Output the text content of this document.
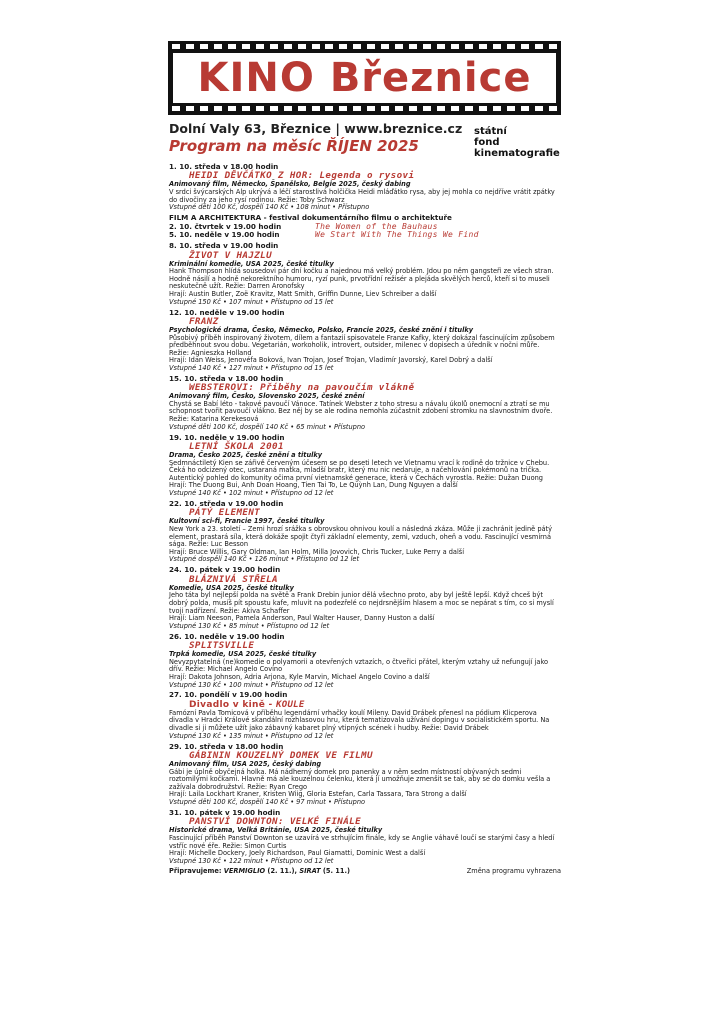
KINO Březnice
Dolní Valy 63, Březnice | www.breznice.cz
Program na měsíc ŘÍJEN 2025
státní
fond
kinematografie
1. 10. středa v 18.00 hodin
HEIDI DĚVČÁTKO Z HOR: Legenda o rysovi
Animovaný film, Německo, Španělsko, Belgie 2025, český dabing
V srdci švýcarských Alp ukrývá a léčí starostlivá holčička Heidi mláďátko rysa, aby jej mohla co nejdříve vrátit zpátky do divočiny za jeho rysí rodinou. Režie: Toby Schwarz
Vstupné děti 100 Kč, dospělí 140 Kč • 108 minut • Přístupno
FILM A ARCHITEKTURA - festival dokumentárního filmu o architektuře
2. 10. čtvrtek v 19.00 hodin	The Women of the Bauhaus
5. 10. neděle v 19.00 hodin	We Start With The Things We Find
8. 10. středa v 19.00 hodin
ŽIVOT V HAJZLU
Kriminální komedie, USA 2025, české titulky
Hank Thompson hlídá sousedovi pár dní kočku a najednou má velký problém. Jdou po něm gangsteři ze všech stran. Hodně násilí a hodně nekorektního humoru, ryzí punk, prvotřídní režisér a plejáda skvělých herců, kteří si to museli neskutečně užít. Režie: Darren Aronofsky
Hrají: Austin Butler, Zoë Kravitz, Matt Smith, Griffin Dunne, Liev Schreiber a další
Vstupné 150 Kč • 107 minut • Přístupno od 15 let
12. 10. neděle v 19.00 hodin
FRANZ
Psychologické drama, Česko, Německo, Polsko, Francie 2025, české znění i titulky
Působivý příběh inspirovaný životem, dílem a fantazií spisovatele Franze Kafky, který dokázal fascinujícím způsobem předběhnout svou dobu. Vegetarián, workoholik, introvert, outsider, milenec v dopisech a úředník v nočni můře. Režie: Agnieszka Holland
Hrají: Idan Weiss, Jenovéfa Boková, Ivan Trojan, Josef Trojan, Vladimír Javorský, Karel Dobrý a další
Vstupné 140 Kč • 127 minut • Přístupno od 15 let
15. 10. středa v 18.00 hodin
WEBSTEROVI: Příběhy na pavoučím vlákně
Animovaný film, Česko, Slovensko 2025, české znění
Chystá se Babí léto - takové pavoučí Vánoce. Tatínek Webster z toho stresu a návalu úkolů onemocní a ztratí se mu schopnost tvořit pavoučí vlákno. Bez něj by se ale rodina nemohla zúčastnit zdobení stromku na slavnostním dvoře. Režie: Katarina Kerekesová
Vstupné děti 100 Kč, dospělí 140 Kč • 65 minut • Přístupno
19. 10. neděle v 19.00 hodin
LETNÍ ŠKOLA 2001
Drama, Česko 2025, české znění a titulky
Sedmnáctiletý Kien se zářivě červeným účesem se po deseti letech ve Vietnamu vrací k rodině do tržnice v Chebu. Čeká ho odcizený otec, ustaraná matka, mladší bratr, který mu nic nedaruje, a načehlování pokémonů na trička. Autentický pohled do komunity očima první vietnamské generace, která v Čechách vyrostla. Režie: Dužan Duong
Hrají: The Duong Bui, Anh Doan Hoang, Tien Tai To, Le Quỳnh Lan, Dung Nguyen a další
Vstupné 140 Kč • 102 minut • Přístupno od 12 let
22. 10. středa v 19.00 hodin
PÁTÝ ELEMENT
Kultovní sci-fi, Francie 1997, české titulky
New York a 23. století – Zemi hrozí srážka s obrovskou ohnivou koulí a následná zkáza. Může ji zachránit jedině pátý element, prastará síla, která dokáže spojit čtyři základní elementy, zemi, vzduch, oheň a vodu. Fascinující vesmírná sága. Režie: Luc Besson
Hrají: Bruce Willis, Gary Oldman, Ian Holm, Milla Jovovich, Chris Tucker, Luke Perry a další
Vstupné dospělí 140 Kč • 126 minut • Přístupno od 12 let
24. 10. pátek v 19.00 hodin
BLÁZNIVÁ STŘELA
Komedie, USA 2025, české titulky
Jeho táta byl nejlepší polda na světě a Frank Drebin junior dělá všechno proto, aby byl ještě lepší. Když chceš být dobrý polda, musíš pít spoustu kafe, mluvit na podezřelé co nejdrsnějším hlasem a moc se nepárat s tím, co si myslí tvoji nadřízení. Režie: Akiva Schaffer
Hrají: Liam Neeson, Pamela Anderson, Paul Walter Hauser, Danny Huston a další
Vstupné 130 Kč • 85 minut • Přístupno od 12 let
26. 10. neděle v 19.00 hodin
SPLITSVILLE
Trpká komedie, USA 2025, české titulky
Nevyzpytatelná (ne)komedie o polyamorii a otevřených vztazích, o čtveřici přátel, kterým vztahy už nefungují jako dřív. Režie: Michael Angelo Covino
Hrají: Dakota Johnson, Adria Arjona, Kyle Marvin, Michael Angelo Covino a další
Vstupné 130 Kč • 100 minut • Přístupno od 12 let
27. 10. pondělí v 19.00 hodin
Divadlo v kině - KOULE
Famózní Pavla Tomicová v příběhu legendární vrhačky koulí Mileny. David Drábek přenesl na pódium Klicperova divadla v Hradci Králové skandální rozhlasovou hru, která tematizovala užívání dopingu v socialistickém sportu. Na divadle si ji můžete užít jako zábavný kabaret plný vtipných scének i hudby. Režie: David Drábek
Vstupné 130 Kč • 135 minut • Přístupno od 12 let
29. 10. středa v 18.00 hodin
GÁBININ KOUZELNÝ DOMEK VE FILMU
Animovaný film, USA 2025, český dabing
Gábi je úplně obyčejná holka. Má nádherný domek pro panenky a v něm sedm místností obývaných sedmi roztomilými kočkami. Hlavně má ale kouzelnou čelenku, která jí umožňuje zmenšit se tak, aby se do domku vešla a zažívala dobrodružství. Režie: Ryan Crego
Hrají: Laila Lockhart Kraner, Kristen Wiig, Gloria Estefan, Carla Tassara, Tara Strong a další
Vstupné děti 100 Kč, dospělí 140 Kč • 97 minut • Přístupno
31. 10. pátek v 19.00 hodin
PANSTVÍ DOWNTON: VELKÉ FINÁLE
Historické drama, Velká Británie, USA 2025, české titulky
Fascinující příběh Panství Downton se uzavírá ve strhujícím finále, kdy se Anglie váhavě loučí se starými časy a hledí vstříc nové éře. Režie: Simon Curtis
Hrají: Michelle Dockery, Joely Richardson, Paul Giamatti, Dominic West a další
Vstupné 130 Kč • 122 minut • Přístupno od 12 let
Připravujeme: VERMIGLIO (2. 11.), SIRAT (5. 11.)	Změna programu vyhrazena
